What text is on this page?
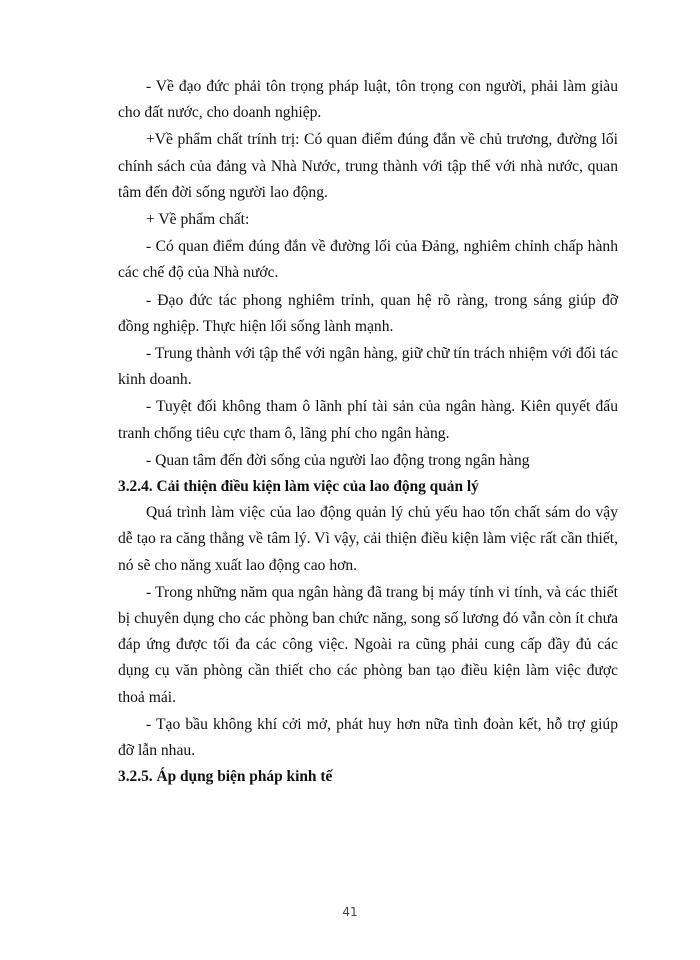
- Về đạo đức phải tôn trọng pháp luật, tôn trọng con người, phải làm giàu cho đất nước, cho doanh nghiệp.

+Về phẩm chất trính trị: Có quan điểm đúng đắn về chủ trương, đường lối chính sách của đảng và Nhà Nước, trung thành với tập thể với nhà nước, quan tâm đến đời sống người lao động.

+ Về phẩm chất:

- Có quan điểm đúng đắn về đường lối của Đảng, nghiêm chỉnh chấp hành các chế độ của Nhà nước.

- Đạo đức tác phong nghiêm trỉnh, quan hệ rõ ràng, trong sáng giúp đỡ đồng nghiệp. Thực hiện lối sống lành mạnh.

- Trung thành với tập thể với ngân hàng, giữ chữ tín trách nhiệm với đối tác kinh doanh.

- Tuyệt đối không tham ô lãnh phí tài sản của ngân hàng. Kiên quyết đấu tranh chống tiêu cực tham ô, lãng phí cho ngân hàng.

- Quan tâm đến đời sống của người lao động trong ngân hàng

3.2.4. Cải thiện điều kiện làm việc của lao động quản lý

Quá trình làm việc của lao động quản lý chủ yếu hao tốn chất sám do vậy dễ tạo ra căng thẳng về tâm lý. Vì vậy, cải thiện điều kiện làm việc rất cần thiết, nó sẽ cho năng xuất lao động cao hơn.

- Trong những năm qua ngân hàng đã trang bị máy tính vi tính, và các thiết bị chuyên dụng cho các phòng ban chức năng, song số lương đó vẫn còn ít chưa đáp ứng được tối đa các công việc. Ngoài ra cũng phải cung cấp đầy đủ các dụng cụ văn phòng cần thiết cho các phòng ban tạo điều kiện làm việc được thoả mái.

- Tạo bầu không khí cởi mở, phát huy hơn nữa tình đoàn kết, hỗ trợ giúp đỡ lẫn nhau.

3.2.5. Áp dụng biện pháp kinh tế

41
